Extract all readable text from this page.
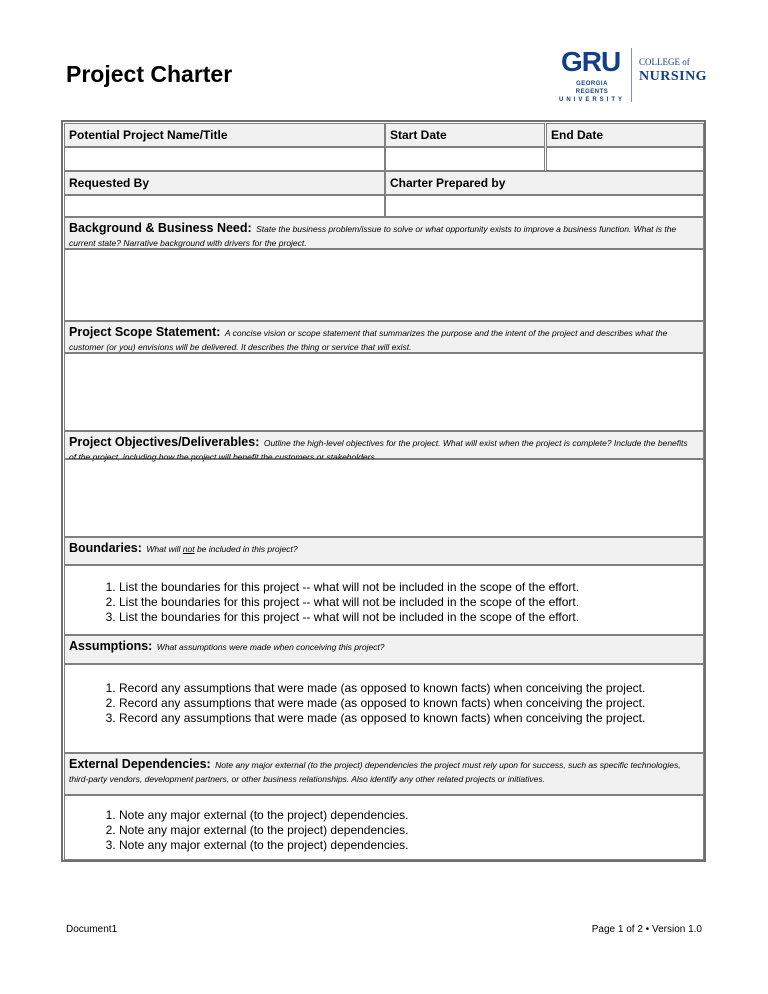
Project Charter	GRU
GEORGIA REGENTS
UNIVERSITY
COLLEGE of
NURSING
Potential Project Name/Title	Start Date	End Date
Requested By	Charter Prepared by
Background & Business Need: State the business problem/issue to solve or what opportunity exists to improve a business function. What is the current state? Narrative background with drivers for the project.
Project Scope Statement: A concise vision or scope statement that summarizes the purpose and the intent of the project and describes what the customer (or you) envisions will be delivered. It describes the thing or service that will exist.
Project Objectives/Deliverables: Outline the high-level objectives for the project. What will exist when the project is complete? Include the benefits of the project, including how the project will benefit the customers or stakeholders.
Boundaries: What will not be included in this project?
1. List the boundaries for this project -- what will not be included in the scope of the effort.
2. List the boundaries for this project -- what will not be included in the scope of the effort.
3. List the boundaries for this project -- what will not be included in the scope of the effort.
Assumptions: What assumptions were made when conceiving this project?
1. Record any assumptions that were made (as opposed to known facts) when conceiving the project.
2. Record any assumptions that were made (as opposed to known facts) when conceiving the project.
3. Record any assumptions that were made (as opposed to known facts) when conceiving the project.
External Dependencies: Note any major external (to the project) dependencies the project must rely upon for success, such as specific technologies, third-party vendors, development partners, or other business relationships. Also identify any other related projects or initiatives.
1. Note any major external (to the project) dependencies.
2. Note any major external (to the project) dependencies.
3. Note any major external (to the project) dependencies.
Document1	Page 1 of 2 • Version 1.0
